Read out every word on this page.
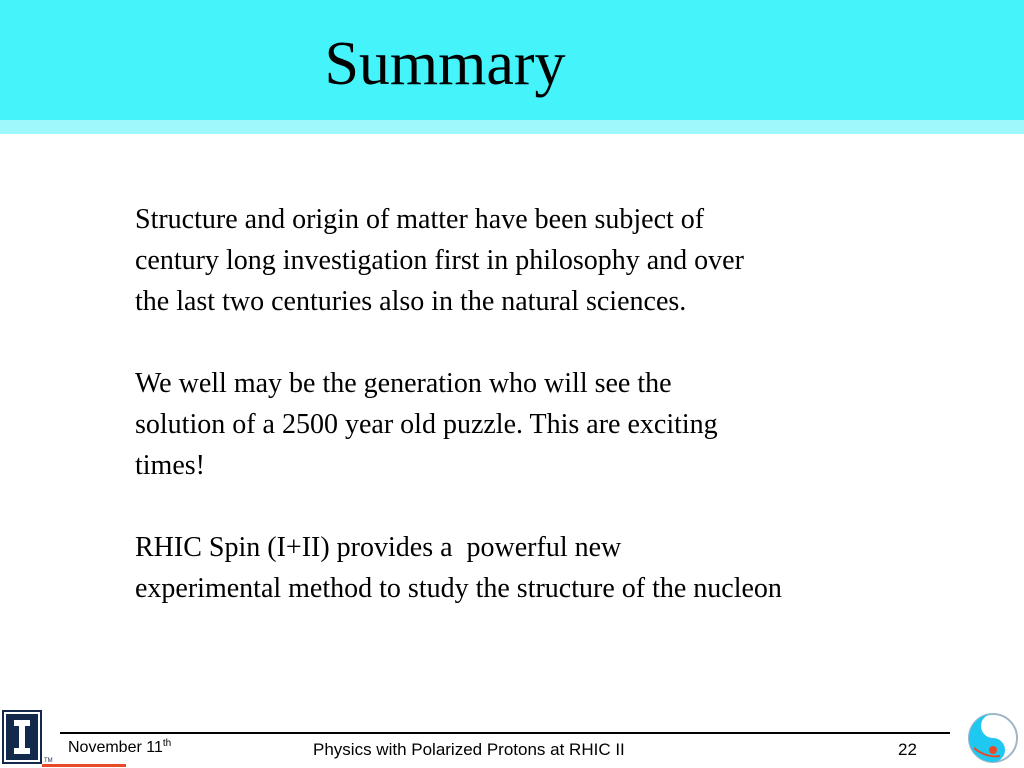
Summary

Structure and origin of matter have been subject of
century long investigation first in philosophy and over
the last two centuries also in the natural sciences.

We well may be the generation who will see the
solution of a 2500 year old puzzle. This are exciting
times!

RHIC Spin (I+II) provides a  powerful new
experimental method to study the structure of the nucleon

TM
November 11th	Physics with Polarized Protons at RHIC II	22
